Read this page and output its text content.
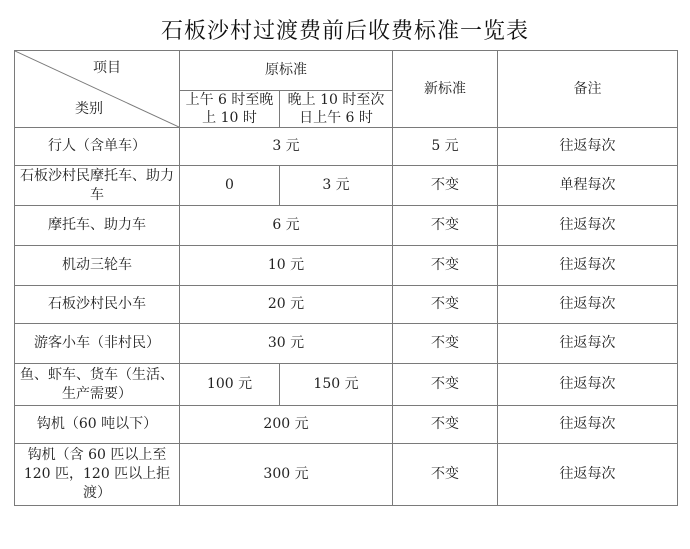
石板沙村过渡费前后收费标准一览表
项目
类别	原标准		新标准	备注
	上午 6 时至晚上 10 时	晚上 10 时至次日上午 6 时		
行人（含单车）	3 元		5 元	往返每次
石板沙村民摩托车、助力车	0	3 元	不变	单程每次
摩托车、助力车	6 元		不变	往返每次
机动三轮车	10 元		不变	往返每次
石板沙村民小车	20 元		不变	往返每次
游客小车（非村民）	30 元		不变	往返每次
鱼、虾车、货车（生活、生产需要）	100 元	150 元	不变	往返每次
钩机（60 吨以下）	200 元		不变	往返每次
钩机（含 60 匹以上至 120 匹，120 匹以上拒渡）	300 元		不变	往返每次
